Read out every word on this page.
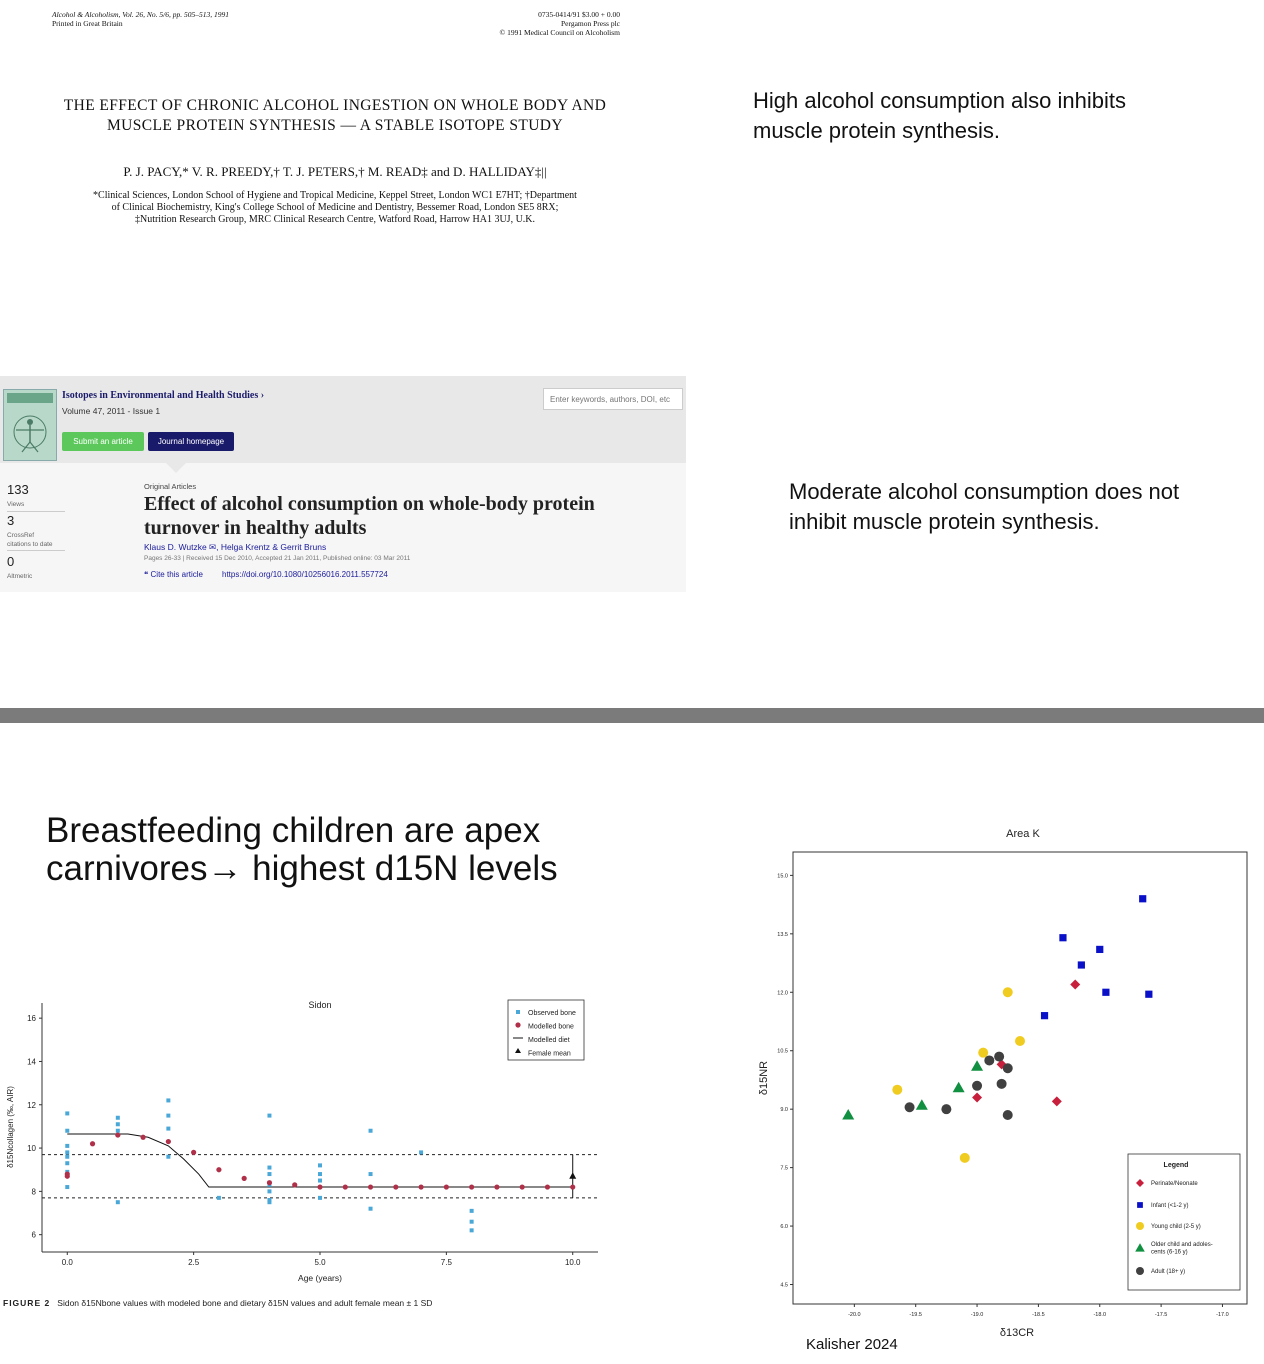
Alcohol & Alcoholism, Vol. 26, No. 5/6, pp. 505–513, 1991
Printed in Great Britain
0735-0414/91 $3.00 + 0.00
Pergamon Press plc
© 1991 Medical Council on Alcoholism
THE EFFECT OF CHRONIC ALCOHOL INGESTION ON WHOLE BODY AND MUSCLE PROTEIN SYNTHESIS — A STABLE ISOTOPE STUDY
P. J. PACY,* V. R. PREEDY,† T. J. PETERS,† M. READ‡ and D. HALLIDAY‡||
*Clinical Sciences, London School of Hygiene and Tropical Medicine, Keppel Street, London WC1 E7HT; †Department
of Clinical Biochemistry, King's College School of Medicine and Dentistry, Bessemer Road, London SE5 8RX;
‡Nutrition Research Group, MRC Clinical Research Centre, Watford Road, Harrow HA1 3UJ, U.K.
High alcohol consumption also inhibits muscle protein synthesis.
Isotopes in Environmental and Health Studies ›
Volume 47, 2011 - Issue 1
Submit an article	Journal homepage
Enter keywords, authors, DOI, etc
133
Views
3
CrossRef
citations to date
0
Altmetric
Original Articles
Effect of alcohol consumption on whole-body protein turnover in healthy adults
Klaus D. Wutzke ✉, Helga Krentz & Gerrit Bruns
Pages 26-33 | Received 15 Dec 2010, Accepted 21 Jan 2011, Published online: 03 Mar 2011
❝ Cite this article https://doi.org/10.1080/10256016.2011.557724
Moderate alcohol consumption does not inhibit muscle protein synthesis.
Breastfeeding children are apex
carnivores→ highest d15N levels
6
8
10
12
14
16
0.0	2.5	5.0	7.5	10.0
Sidon
Age (years)
δ15Ncollagen (‰, AIR)
Observed bone
Modelled bone
Modelled diet
Female mean
FIGURE 2 Sidon δ15Nbone values with modeled bone and dietary δ15N values and adult female mean ± 1 SD
Area K
4.5
6.0
7.5
9.0
10.5
12.0
13.5
15.0
-20.0	-19.5	-19.0	-18.5	-18.0	-17.5	-17.0
δ13CR
δ15NR
Legend
Perinate/Neonate
Infant (<1-2 y)
Young child (2-5 y)
Older child and adoles-cents (6-16 y)
Adult (18+ y)
Kalisher 2024
